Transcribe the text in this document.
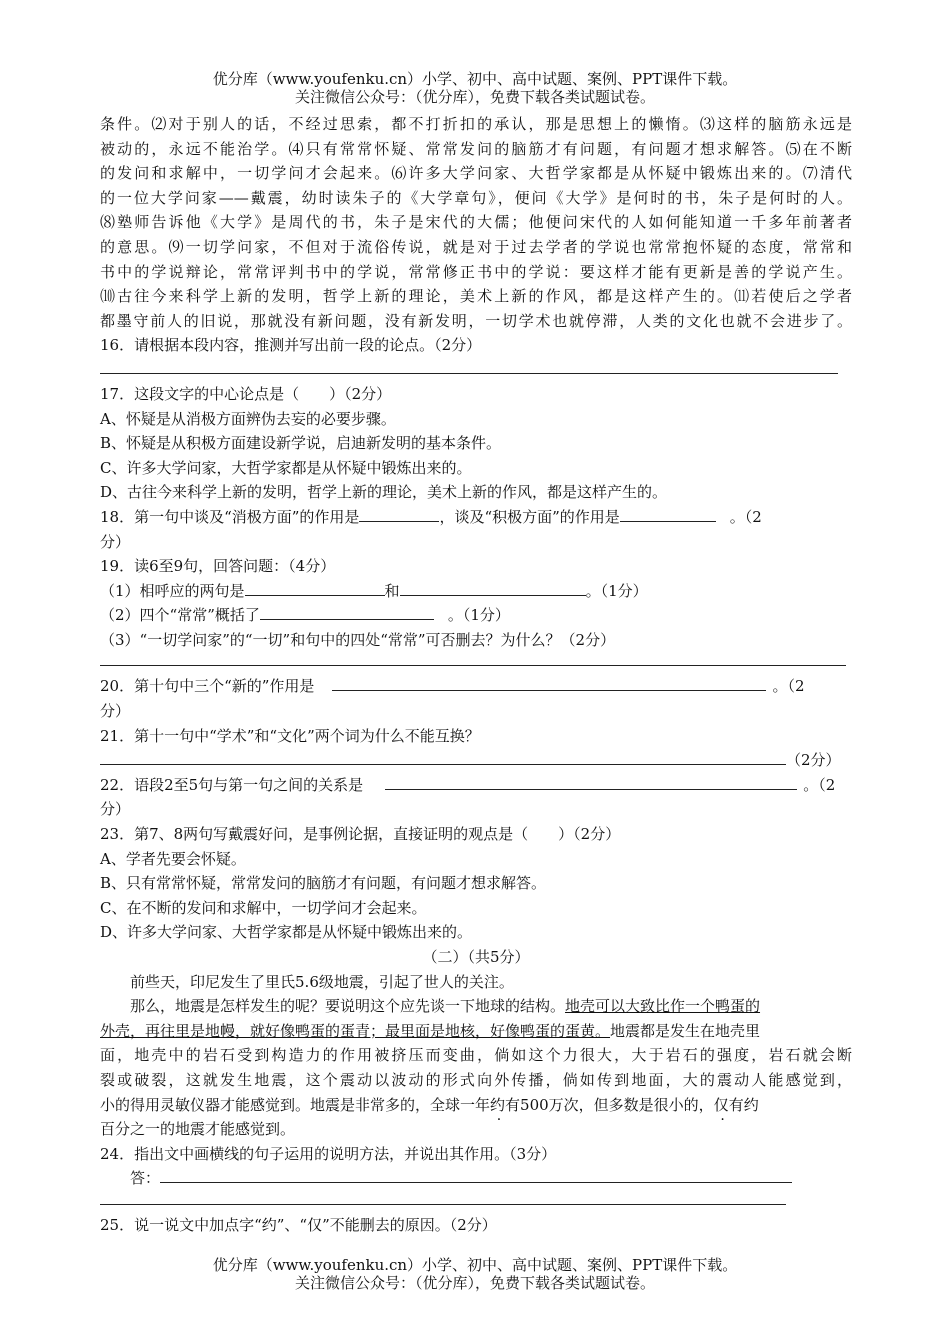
优分库（www.youfenku.cn）小学、初中、高中试题、案例、PPT课件下载。
关注微信公众号：（优分库），免费下载各类试题试卷。

条件。⑵对于别人的话，不经过思索，都不打折扣的承认，那是思想上的懒惰。⑶这样的脑筋永远是

被动的，永远不能治学。⑷只有常常怀疑、常常发问的脑筋才有问题，有问题才想求解答。⑸在不断

的发问和求解中，一切学问才会起来。⑹许多大学问家、大哲学家都是从怀疑中锻炼出来的。⑺清代

的一位大学问家——戴震，幼时读朱子的《大学章句》，便问《大学》是何时的书，朱子是何时的人。

⑻塾师告诉他《大学》是周代的书，朱子是宋代的大儒；他便问宋代的人如何能知道一千多年前著者

的意思。⑼一切学问家，不但对于流俗传说，就是对于过去学者的学说也常常抱怀疑的态度，常常和

书中的学说辩论，常常评判书中的学说，常常修正书中的学说：要这样才能有更新是善的学说产生。

⑽古往今来科学上新的发明，哲学上新的理论，美术上新的作风，都是这样产生的。⑾若使后之学者

都墨守前人的旧说，那就没有新问题，没有新发明，一切学术也就停滞，人类的文化也就不会进步了。

16．请根据本段内容，推测并写出前一段的论点。（2分）

17．这段文字的中心论点是（　　）（2分）

A、怀疑是从消极方面辨伪去妄的必要步骤。

B、怀疑是从积极方面建设新学说，启迪新发明的基本条件。

C、许多大学问家，大哲学家都是从怀疑中锻炼出来的。

D、古往今来科学上新的发明，哲学上新的理论，美术上新的作风，都是这样产生的。

18．第一句中谈及“消极方面”的作用是	，谈及“积极方面”的作用是	。（2

分）

19．读6至9句，回答问题：（4分）

（1）相呼应的两句是	和	。（1分）

（2）四个“常常”概括了	。（1分）

（3）“一切学问家”的“一切”和句中的四处“常常”可否删去？为什么？（2分）

20．第十句中三个“新的”作用是	。（2

分）

21．第十一句中“学术”和“文化”两个词为什么不能互换？

（2分）

22．语段2至5句与第一句之间的关系是	。（2

分）

23．第7、8两句写戴震好问，是事例论据，直接证明的观点是（　　）（2分）

A、学者先要会怀疑。

B、只有常常怀疑，常常发问的脑筋才有问题，有问题才想求解答。

C、在不断的发问和求解中，一切学问才会起来。

D、许多大学问家、大哲学家都是从怀疑中锻炼出来的。

（二）（共5分）

前些天，印尼发生了里氏5.6级地震，引起了世人的关注。

那么，地震是怎样发生的呢？要说明这个应先谈一下地球的结构。地壳可以大致比作一个鸭蛋的

外壳，再往里是地幔，就好像鸭蛋的蛋青；最里面是地核，好像鸭蛋的蛋黄。地震都是发生在地壳里

面，地壳中的岩石受到构造力的作用被挤压而变曲，倘如这个力很大，大于岩石的强度，岩石就会断

裂或破裂，这就发生地震，这个震动以波动的形式向外传播，倘如传到地面，大的震动人能感觉到，

小的得用灵敏仪器才能感觉到。地震是非常多的，全球一年约有500万次，但多数是很小的，仅有约

百分之一的地震才能感觉到。

24．指出文中画横线的句子运用的说明方法，并说出其作用。（3分）

答：

25．说一说文中加点字“约”、“仅”不能删去的原因。（2分）

优分库（www.youfenku.cn）小学、初中、高中试题、案例、PPT课件下载。
关注微信公众号：（优分库），免费下载各类试题试卷。
